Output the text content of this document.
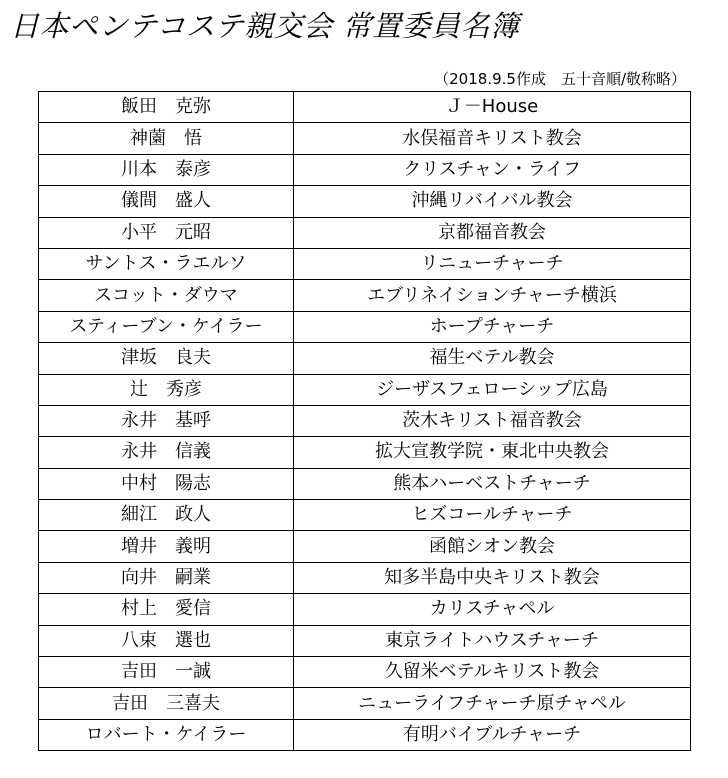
日本ペンテコステ親交会 常置委員名簿
（2018.9.5作成　五十音順/敬称略）
飯田　克弥	Ｊ－House
神薗　悟	水俣福音キリスト教会
川本　泰彦	クリスチャン・ライフ
儀間　盛人	沖縄リバイバル教会
小平　元昭	京都福音教会
サントス・ラエルソ	リニューチャーチ
スコット・ダウマ	エブリネイションチャーチ横浜
スティーブン・ケイラー	ホープチャーチ
津坂　良夫	福生ベテル教会
辻　秀彦	ジーザスフェローシップ広島
永井　基呼	茨木キリスト福音教会
永井　信義	拡大宣教学院・東北中央教会
中村　陽志	熊本ハーベストチャーチ
細江　政人	ヒズコールチャーチ
増井　義明	函館シオン教会
向井　嗣業	知多半島中央キリスト教会
村上　愛信	カリスチャペル
八束　選也	東京ライトハウスチャーチ
吉田　一誠	久留米ベテルキリスト教会
吉田　三喜夫	ニューライフチャーチ原チャペル
ロバート・ケイラー	有明バイブルチャーチ
